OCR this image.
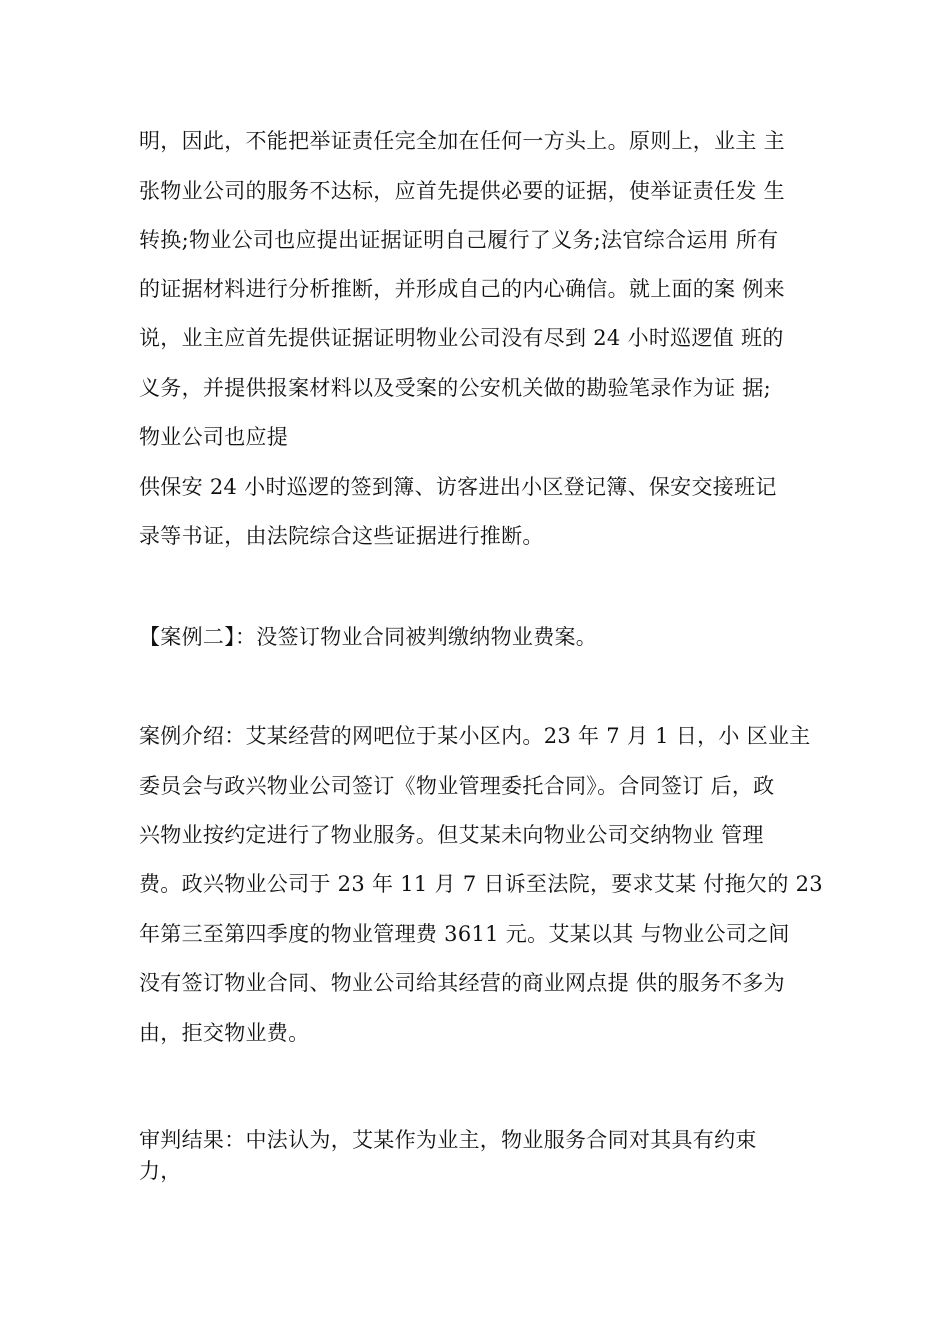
明，因此，不能把举证责任完全加在任何一方头上。原则上，业主 主
张物业公司的服务不达标，应首先提供必要的证据，使举证责任发 生
转换;物业公司也应提出证据证明自己履行了义务;法官综合运用 所有
的证据材料进行分析推断，并形成自己的内心确信。就上面的案 例来
说，业主应首先提供证据证明物业公司没有尽到 24 小时巡逻值 班的
义务，并提供报案材料以及受案的公安机关做的勘验笔录作为证 据;
物业公司也应提
供保安 24 小时巡逻的签到簿、访客进出小区登记簿、保安交接班记
录等书证，由法院综合这些证据进行推断。
【案例二】：没签订物业合同被判缴纳物业费案。
案例介绍：艾某经营的网吧位于某小区内。23 年 7 月 1 日，小 区业主
委员会与政兴物业公司签订《物业管理委托合同》。合同签订 后，政
兴物业按约定进行了物业服务。但艾某未向物业公司交纳物业 管理
费。政兴物业公司于 23 年 11 月 7 日诉至法院，要求艾某 付拖欠的 23
年第三至第四季度的物业管理费 3611 元。艾某以其 与物业公司之间
没有签订物业合同、物业公司给其经营的商业网点提 供的服务不多为
由，拒交物业费。
审判结果：中法认为，艾某作为业主，物业服务合同对其具有约束
力，
